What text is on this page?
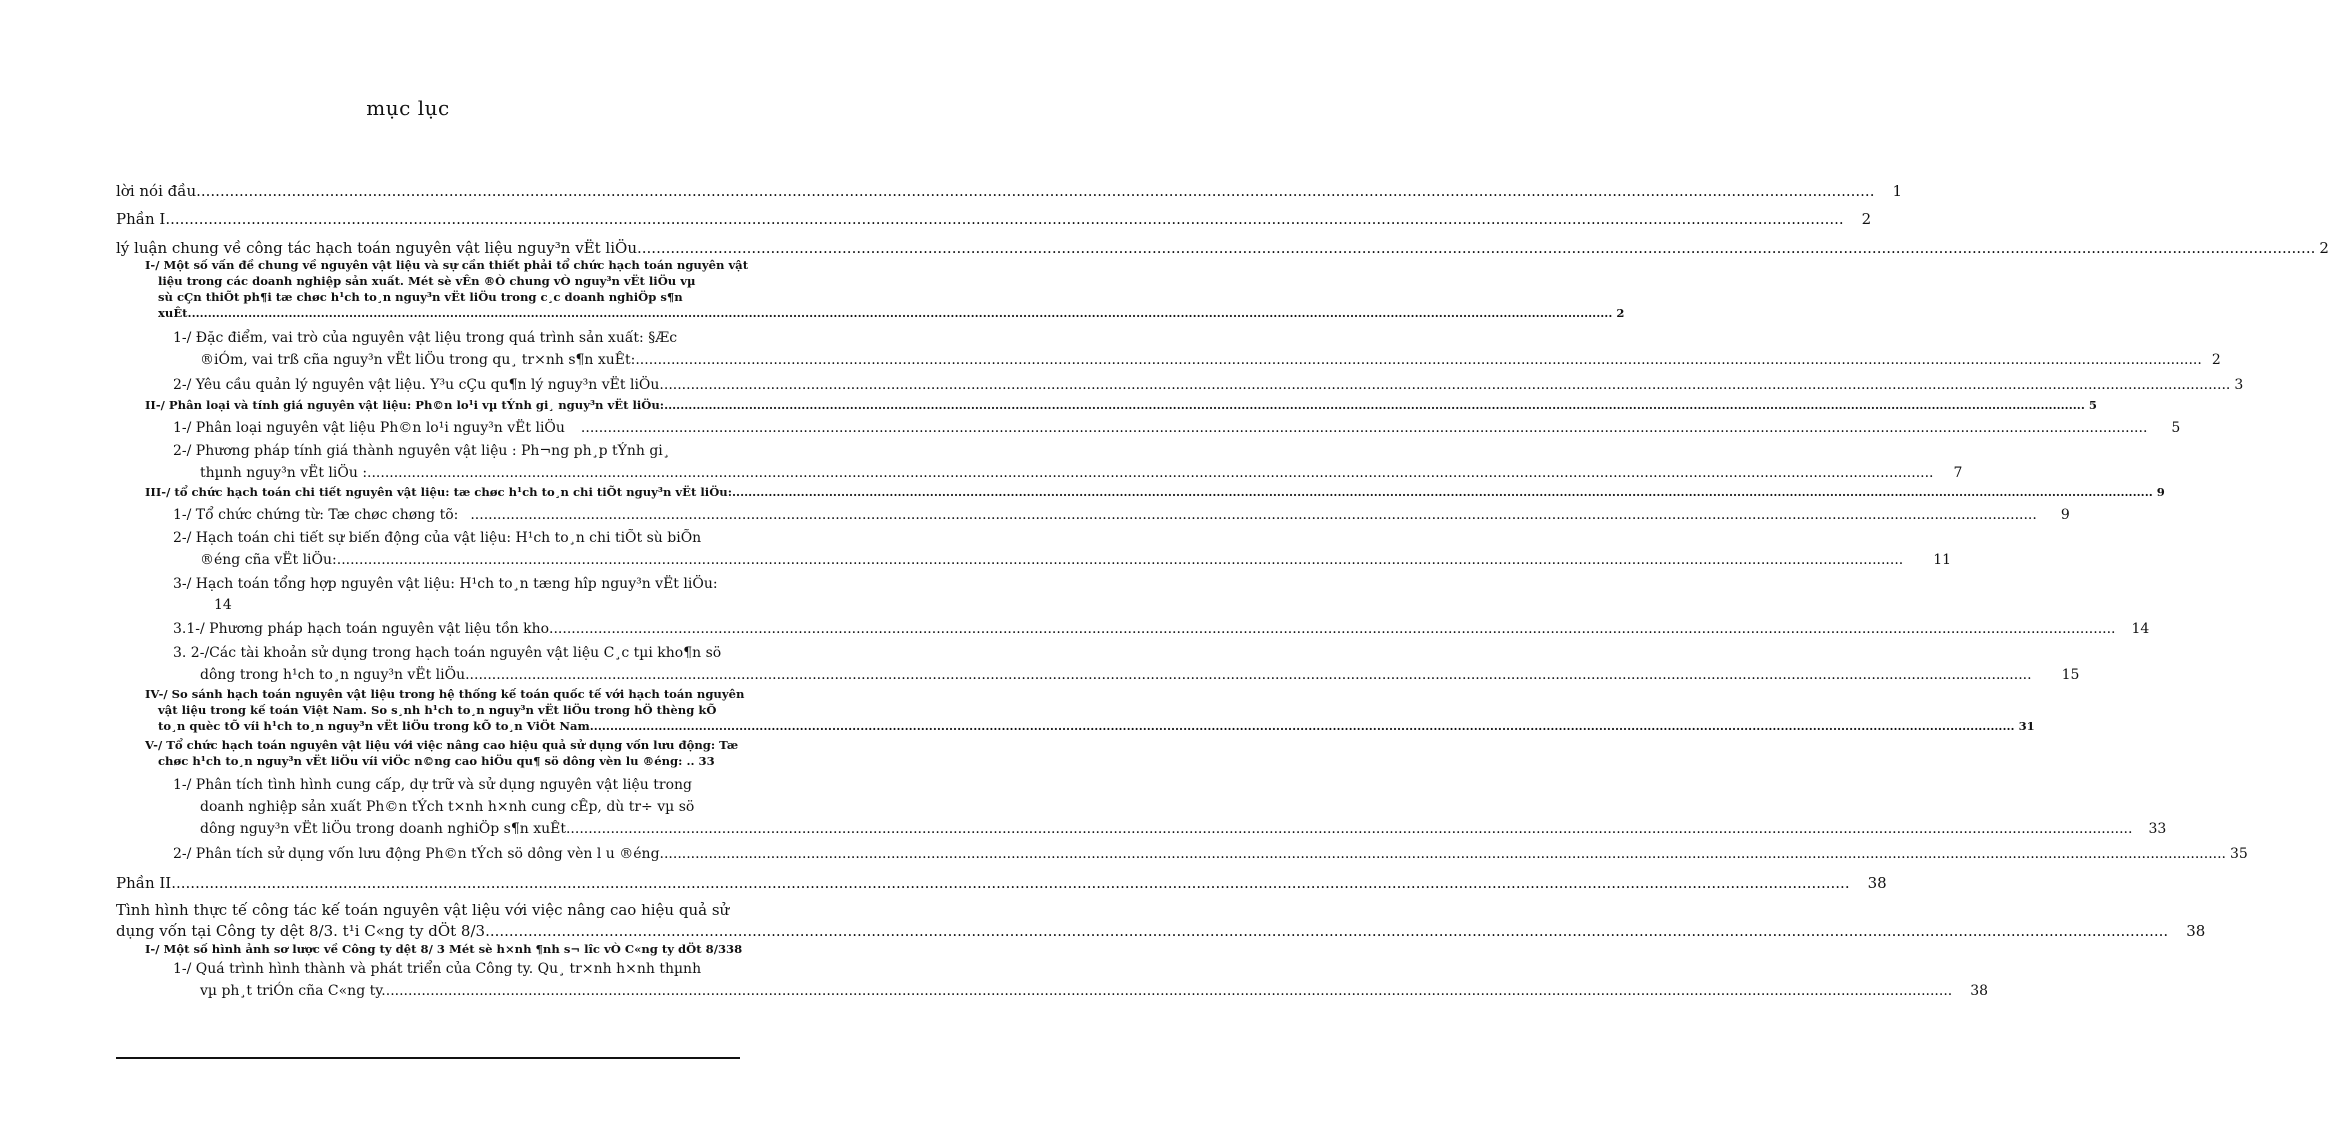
mục lục
lời nói đầu .....	1
Phần I .....	2
lý luận chung về công tác hạch toán nguyên vật liệu nguy³n vËt liÖu .....	2
I-/ Một số vấn đề chung về nguyên vật liệu và sự cần thiết phải tổ chức hạch toán nguyên vật
liệu trong các doanh nghiệp sản xuất. Mét sè vÊn ®Ò chung vÒ nguy³n vËt liÖu vµ
sù cÇn thiÕt ph¶i tæ chøc h¹ch to¸n nguy³n vËt liÖu trong c¸c doanh nghiÖp s¶n
xuÊt. .....	2
1-/ Đặc điểm, vai trò của nguyên vật liệu trong quá trình sản xuất: §Æc
®iÓm, vai trß cña nguy³n vËt liÖu trong qu¸ tr×nh s¶n xuÊt: .....	2
2-/ Yêu cầu quản lý nguyên vật liệu. Y³u cÇu qu¶n lý nguy³n vËt liÖu. .....	3
II-/ Phân loại và tính giá nguyên vật liệu: Ph©n lo¹i vµ tÝnh gi¸ nguy³n vËt liÖu: .....	5
1-/ Phân loại nguyên vật liệu Ph©n lo¹i nguy³n vËt liÖu .....	5
2-/ Phương pháp tính giá thành nguyên vật liệu : Ph¬ng ph¸p tÝnh gi¸
thµnh nguy³n vËt liÖu : .....	7
III-/ tổ chức hạch toán chi tiết nguyên vật liệu: tæ chøc h¹ch to¸n chi tiÕt nguy³n vËt liÖu: .....	9
1-/ Tổ chức chứng từ: Tæ chøc chøng tõ: .....	9
2-/ Hạch toán chi tiết sự biến động của vật liệu: H¹ch to¸n chi tiÕt sù biÕn
®éng cña vËt liÖu: .....	11
3-/ Hạch toán tổng hợp nguyên vật liệu: H¹ch to¸n tæng hîp nguy³n vËt liÖu:
14
3.1-/ Phương pháp hạch toán nguyên vật liệu tồn kho .....	14
3. 2-/Các tài khoản sử dụng trong hạch toán nguyên vật liệu C¸c tµi kho¶n sö
dông trong h¹ch to¸n nguy³n vËt liÖu .....	15
IV-/ So sánh hạch toán nguyên vật liệu trong hệ thống kế toán quốc tế với hạch toán nguyên
vật liệu trong kế toán Việt Nam. So s¸nh h¹ch to¸n nguy³n vËt liÖu trong hÖ thèng kÕ
to¸n quèc tÕ víi h¹ch to¸n nguy³n vËt liÖu trong kÕ to¸n ViÖt Nam. .....	31
V-/ Tổ chức hạch toán nguyên vật liệu với việc nâng cao hiệu quả sử dụng vốn lưu động: Tæ
chøc h¹ch to¸n nguy³n vËt liÖu víi viÖc n©ng cao hiÖu qu¶ sö dông vèn lu ®éng: .. 33
1-/ Phân tích tình hình cung cấp, dự trữ và sử dụng nguyên vật liệu trong
doanh nghiệp sản xuất Ph©n tÝch t×nh h×nh cung cÊp, dù tr÷ vµ sö
dông nguy³n vËt liÖu trong doanh nghiÖp s¶n xuÊt .....	33
2-/ Phân tích sử dụng vốn lưu động Ph©n tÝch sö dông vèn l u ®éng .....	35
Phần II .....	38
Tình hình thực tế công tác kế toán nguyên vật liệu với việc nâng cao hiệu quả sử
dụng vốn tại Công ty dệt 8/3. t¹i C«ng ty dÖt 8/3. .....	38
I-/ Một số hình ảnh sơ lược về Công ty dệt 8/ 3 Mét sè h×nh ¶nh s¬ lîc vÒ C«ng ty dÖt 8/3 38
1-/ Quá trình hình thành và phát triển của Công ty. Qu¸ tr×nh h×nh thµnh
vµ ph¸t triÓn cña C«ng ty. .....	38
